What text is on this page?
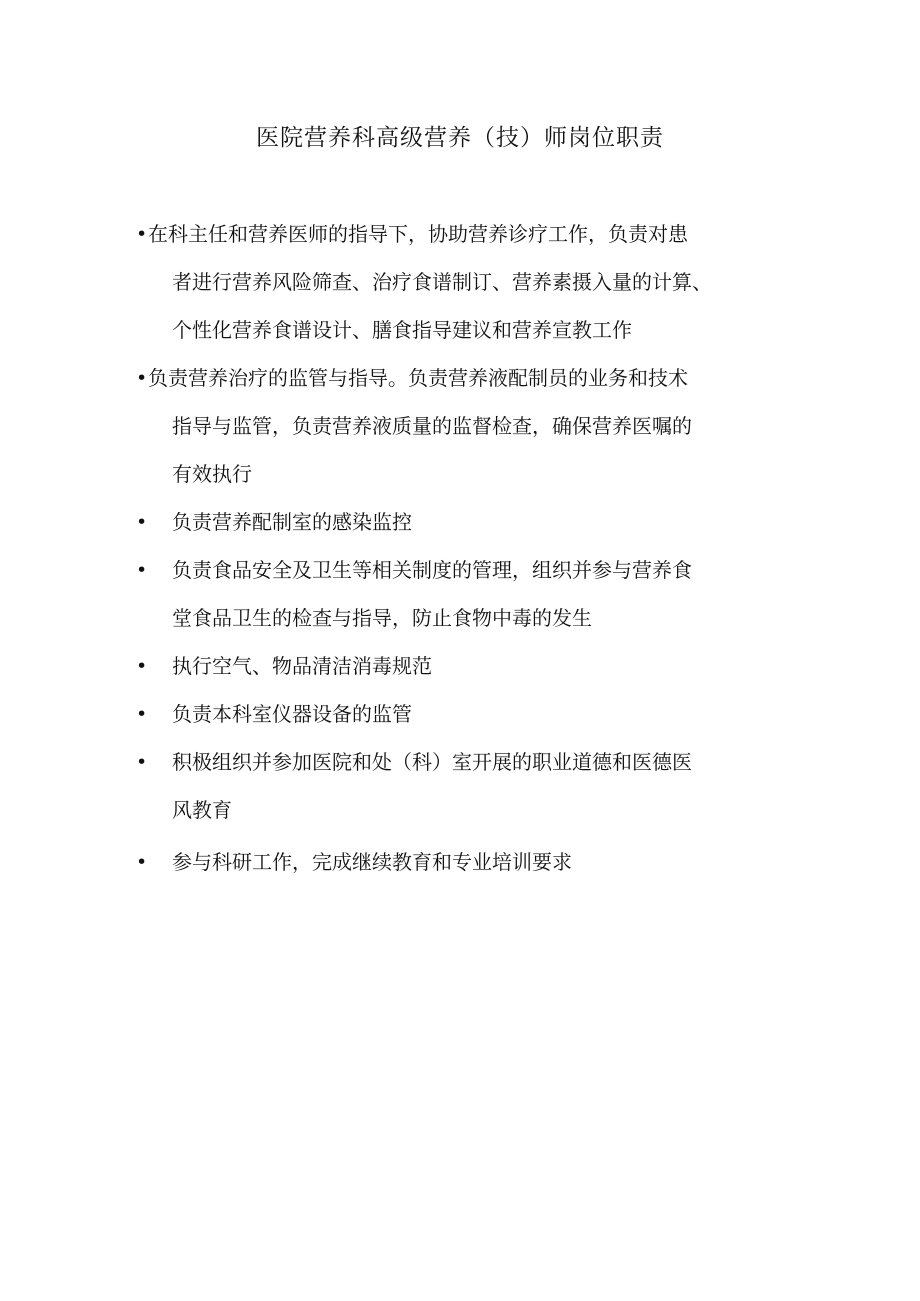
医院营养科高级营养（技）师岗位职责
• 在科主任和营养医师的指导下，协助营养诊疗工作，负责对患
者进行营养风险筛查、治疗食谱制订、营养素摄入量的计算、
个性化营养食谱设计、膳食指导建议和营养宣教工作
• 负责营养治疗的监管与指导。负责营养液配制员的业务和技术
指导与监管，负责营养液质量的监督检查，确保营养医嘱的
有效执行
•	负责营养配制室的感染监控
•	负责食品安全及卫生等相关制度的管理，组织并参与营养食
堂食品卫生的检查与指导，防止食物中毒的发生
•	执行空气、物品清洁消毒规范
•	负责本科室仪器设备的监管
•	积极组织并参加医院和处（科）室开展的职业道德和医德医
风教育
•	参与科研工作，完成继续教育和专业培训要求
